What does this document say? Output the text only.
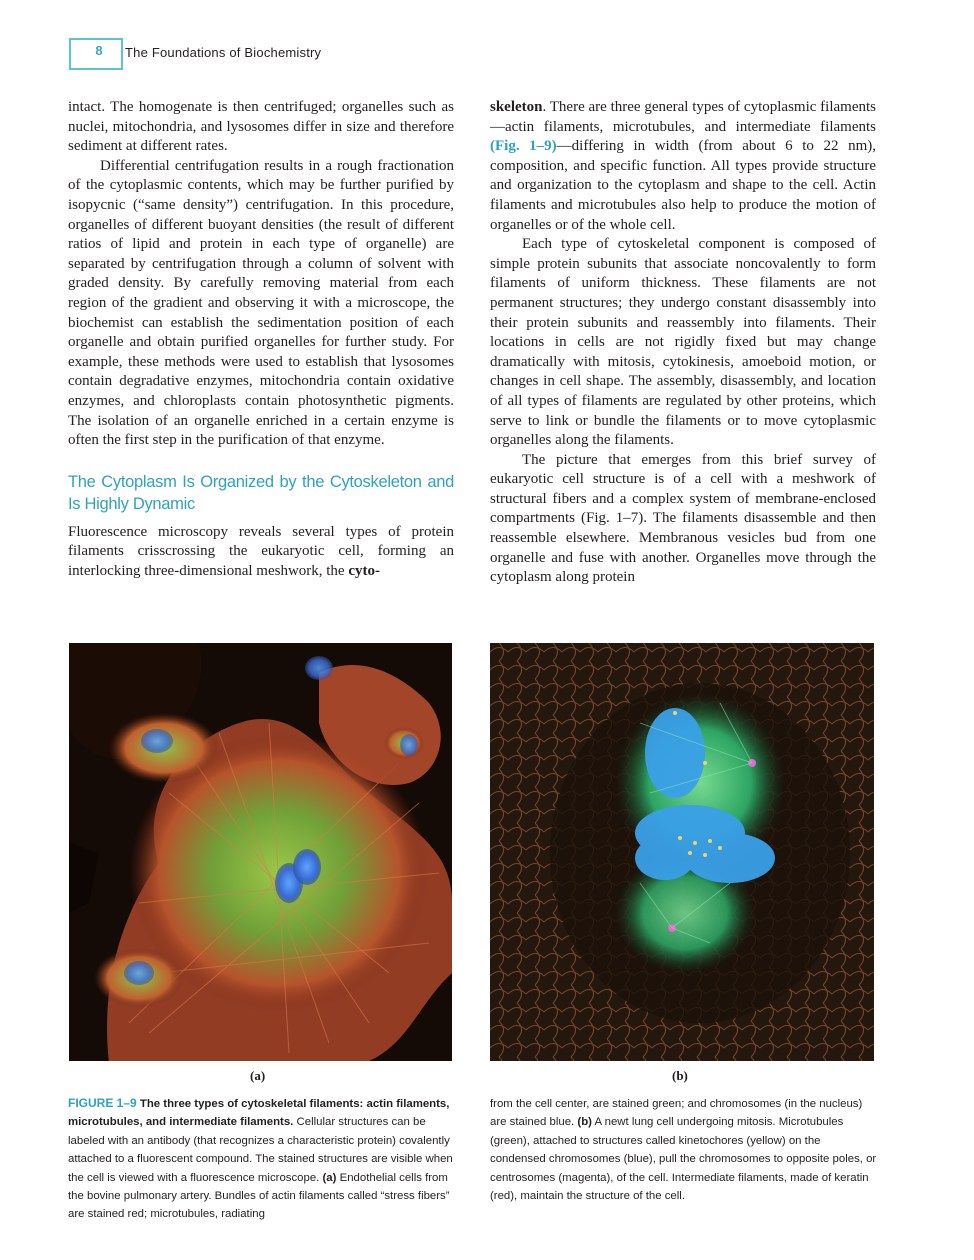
8	The Foundations of Biochemistry

intact. The homogenate is then centrifuged; organelles such as nuclei, mitochondria, and lysosomes differ in size and therefore sediment at different rates.

Differential centrifugation results in a rough fractionation of the cytoplasmic contents, which may be further purified by isopycnic (“same density”) centrifugation. In this procedure, organelles of different buoyant densities (the result of different ratios of lipid and protein in each type of organelle) are separated by centrifugation through a column of solvent with graded density. By carefully removing material from each region of the gradient and observing it with a microscope, the biochemist can establish the sedimentation position of each organelle and obtain purified organelles for further study. For example, these methods were used to establish that lysosomes contain degradative enzymes, mitochondria contain oxidative enzymes, and chloroplasts contain photosynthetic pigments. The isolation of an organelle enriched in a certain enzyme is often the first step in the purification of that enzyme.

The Cytoplasm Is Organized by the Cytoskeleton and Is Highly Dynamic

Fluorescence microscopy reveals several types of protein filaments crisscrossing the eukaryotic cell, forming an interlocking three-dimensional meshwork, the cyto-

skeleton. There are three general types of cytoplasmic filaments—actin filaments, microtubules, and intermediate filaments (Fig. 1–9)—differing in width (from about 6 to 22 nm), composition, and specific function. All types provide structure and organization to the cytoplasm and shape to the cell. Actin filaments and microtubules also help to produce the motion of organelles or of the whole cell.

Each type of cytoskeletal component is composed of simple protein subunits that associate noncovalently to form filaments of uniform thickness. These filaments are not permanent structures; they undergo constant disassembly into their protein subunits and reassembly into filaments. Their locations in cells are not rigidly fixed but may change dramatically with mitosis, cytokinesis, amoeboid motion, or changes in cell shape. The assembly, disassembly, and location of all types of filaments are regulated by other proteins, which serve to link or bundle the filaments or to move cytoplasmic organelles along the filaments.

The picture that emerges from this brief survey of eukaryotic cell structure is of a cell with a meshwork of structural fibers and a complex system of membrane-enclosed compartments (Fig. 1–7). The filaments disassemble and then reassemble elsewhere. Membranous vesicles bud from one organelle and fuse with another. Organelles move through the cytoplasm along protein

(a)	(b)
FIGURE 1–9 The three types of cytoskeletal filaments: actin filaments, microtubules, and intermediate filaments. Cellular structures can be labeled with an antibody (that recognizes a characteristic protein) covalently attached to a fluorescent compound. The stained structures are visible when the cell is viewed with a fluorescence microscope. (a) Endothelial cells from the bovine pulmonary artery. Bundles of actin filaments called “stress fibers” are stained red; microtubules, radiating
from the cell center, are stained green; and chromosomes (in the nucleus) are stained blue. (b) A newt lung cell undergoing mitosis. Microtubules (green), attached to structures called kinetochores (yellow) on the condensed chromosomes (blue), pull the chromosomes to opposite poles, or centrosomes (magenta), of the cell. Intermediate filaments, made of keratin (red), maintain the structure of the cell.
